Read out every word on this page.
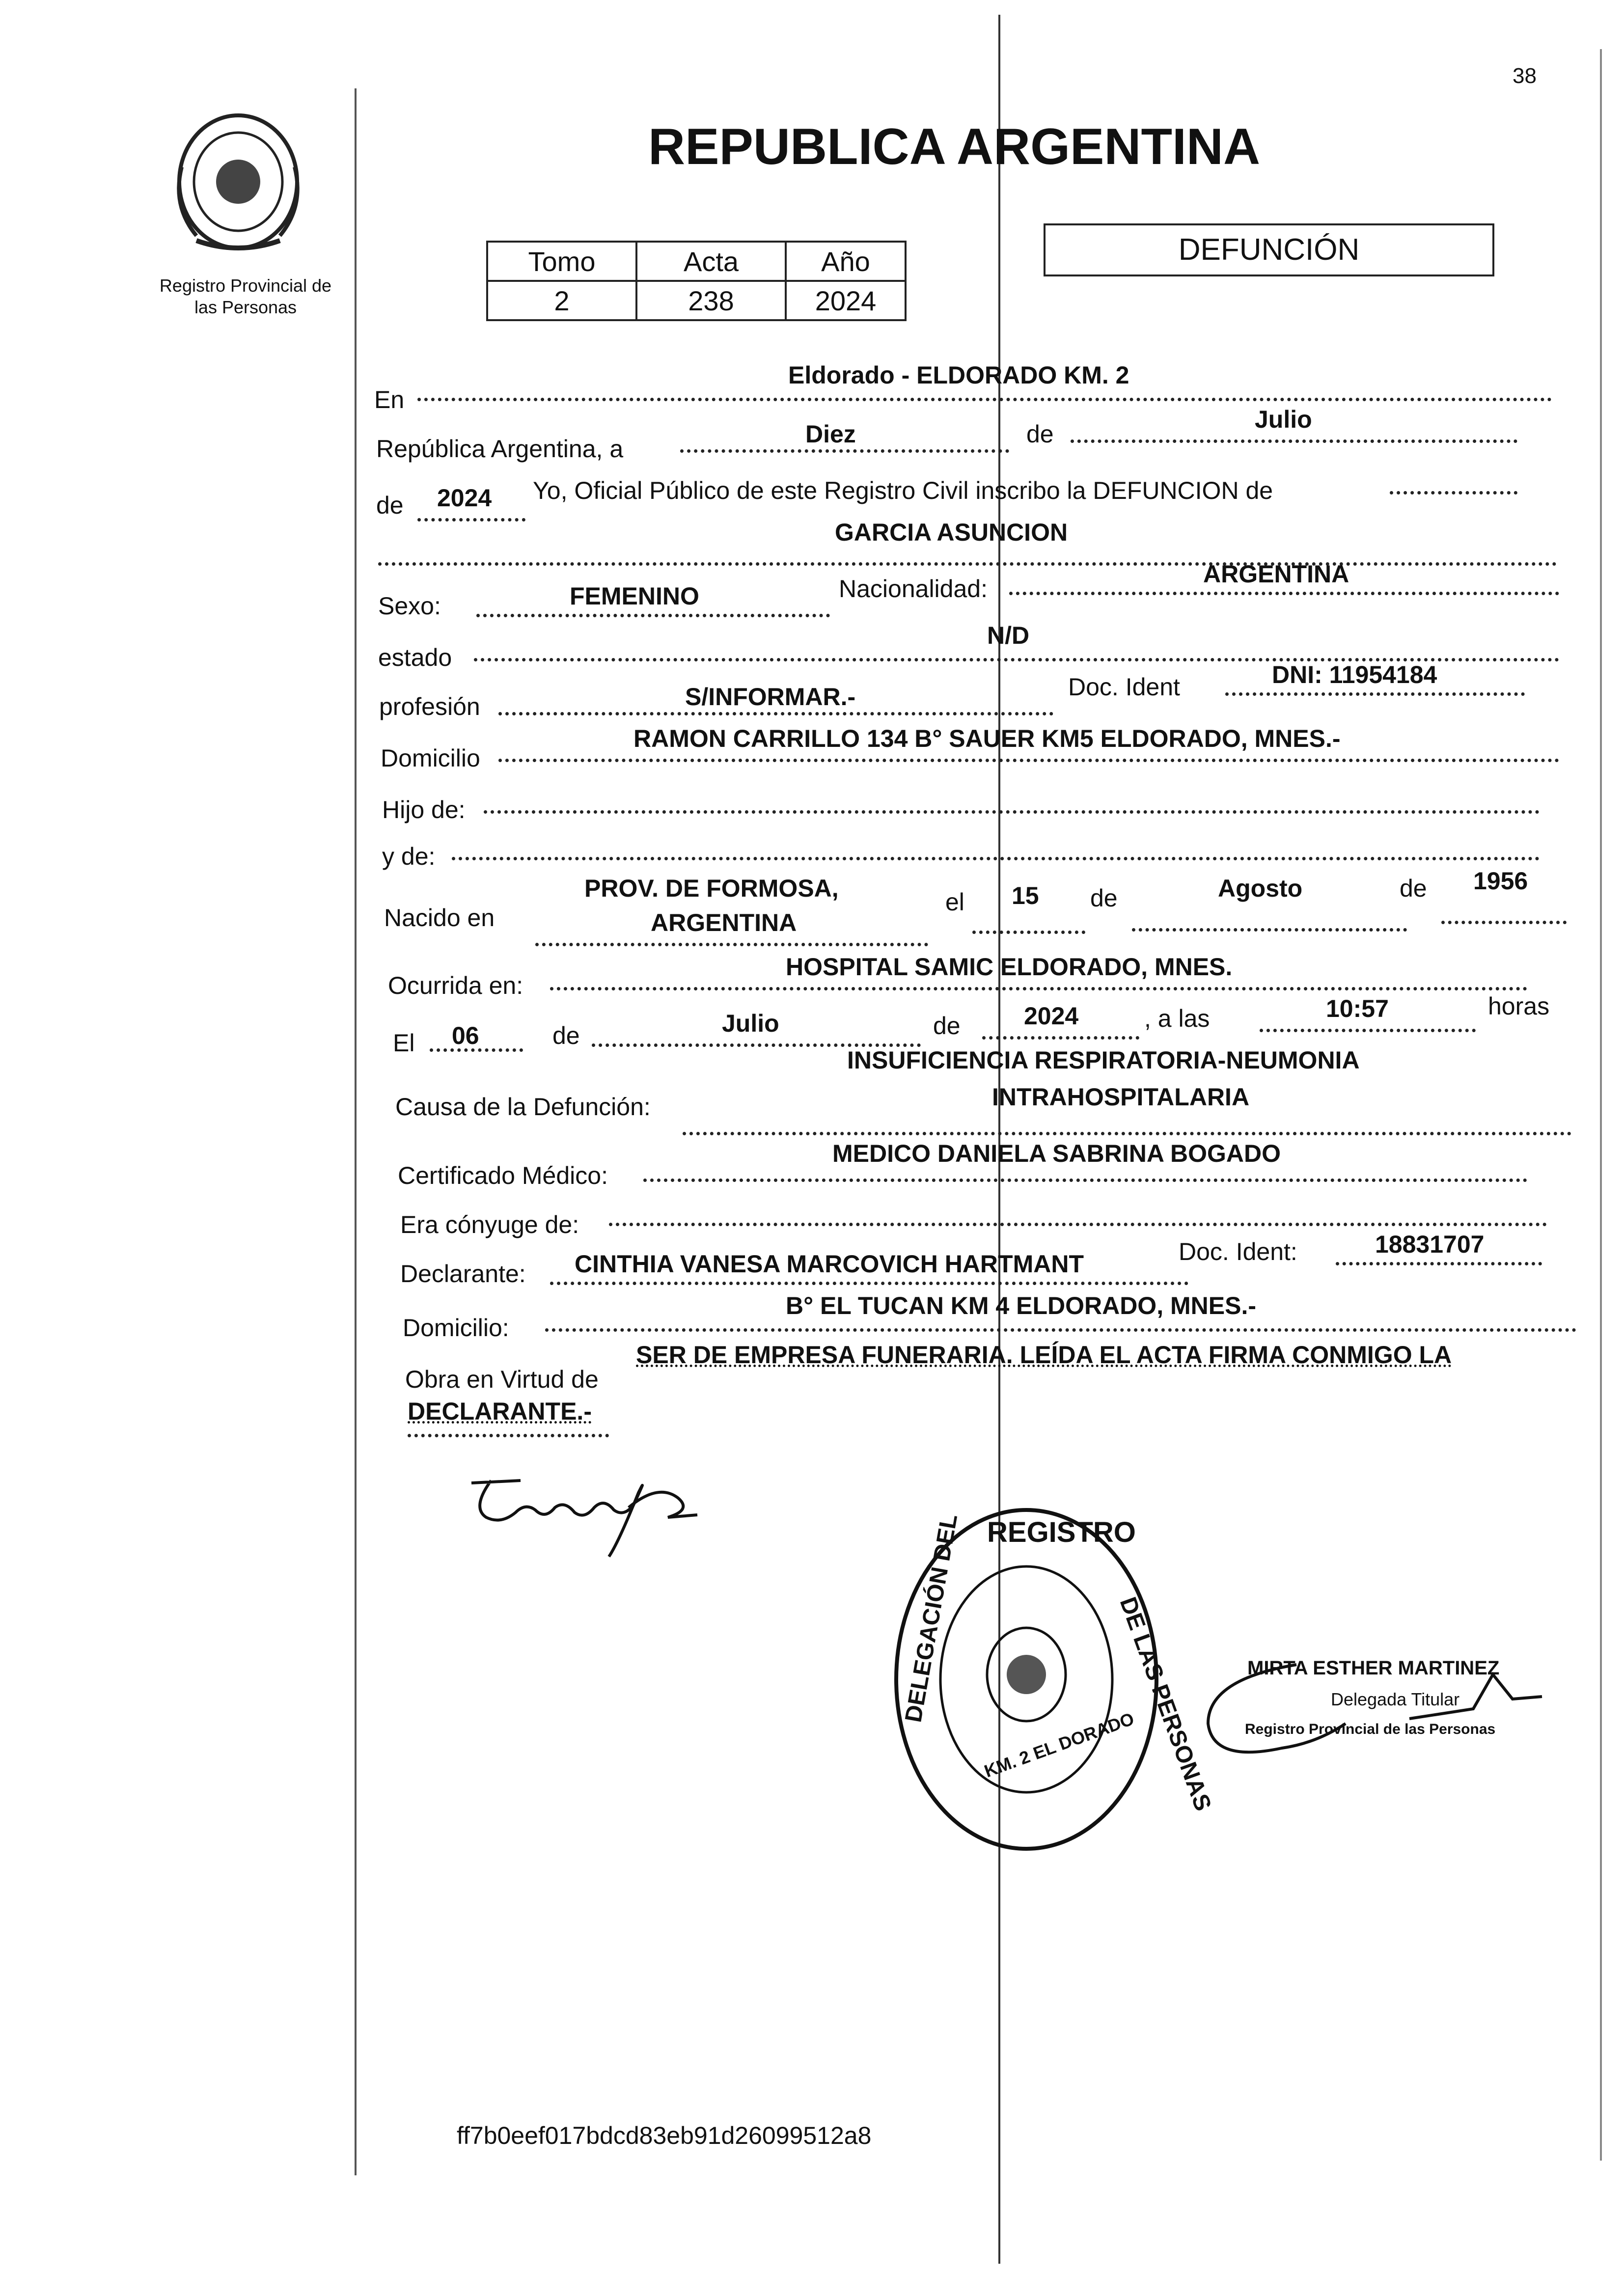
38
Registro Provincial de
las Personas
REPUBLICA ARGENTINA
Tomo	Acta	Año
2	238	2024
DEFUNCIÓN
En
Eldorado - ELDORADO KM. 2
República Argentina, a
Diez	de
Julio
de 2024 Yo, Oficial Público de este Registro Civil inscribo la DEFUNCION de
GARCIA ASUNCION
Sexo:	FEMENINO	Nacionalidad:
ARGENTINA
estado
N/D
profesión	S/INFORMAR.-	Doc. Ident	DNI: 11954184
Domicilio
RAMON CARRILLO 134 B° SAUER KM5 ELDORADO, MNES.-
Hijo de:
y de:
Nacido en
PROV. DE FORMOSA,
ARGENTINA
el 15 de	Agosto	de 1956
Ocurrida en:
HOSPITAL SAMIC ELDORADO, MNES.
El 06	de	Julio	de	2024	, a las	10:57	horas
INSUFICIENCIA RESPIRATORIA-NEUMONIA
Causa de la Defunción:	INTRAHOSPITALARIA
Certificado Médico:
MEDICO DANIELA SABRINA BOGADO
Era cónyuge de:
Declarante: CINTHIA VANESA MARCOVICH HARTMANT	Doc. Ident:	18831707
Domicilio:
B° EL TUCAN KM 4 ELDORADO, MNES.-
Obra en Virtud de
SER DE EMPRESA FUNERARIA. LEÍDA EL ACTA FIRMA CONMIGO LA
DECLARANTE.-
REGISTRO
DELEGACIÓN DEL	DE LAS PERSONAS
KM. 2 EL DORADO
MIRTA ESTHER MARTINEZ
Delegada Titular
Registro Provincial de las Personas
ff7b0eef017bdcd83eb91d26099512a8
